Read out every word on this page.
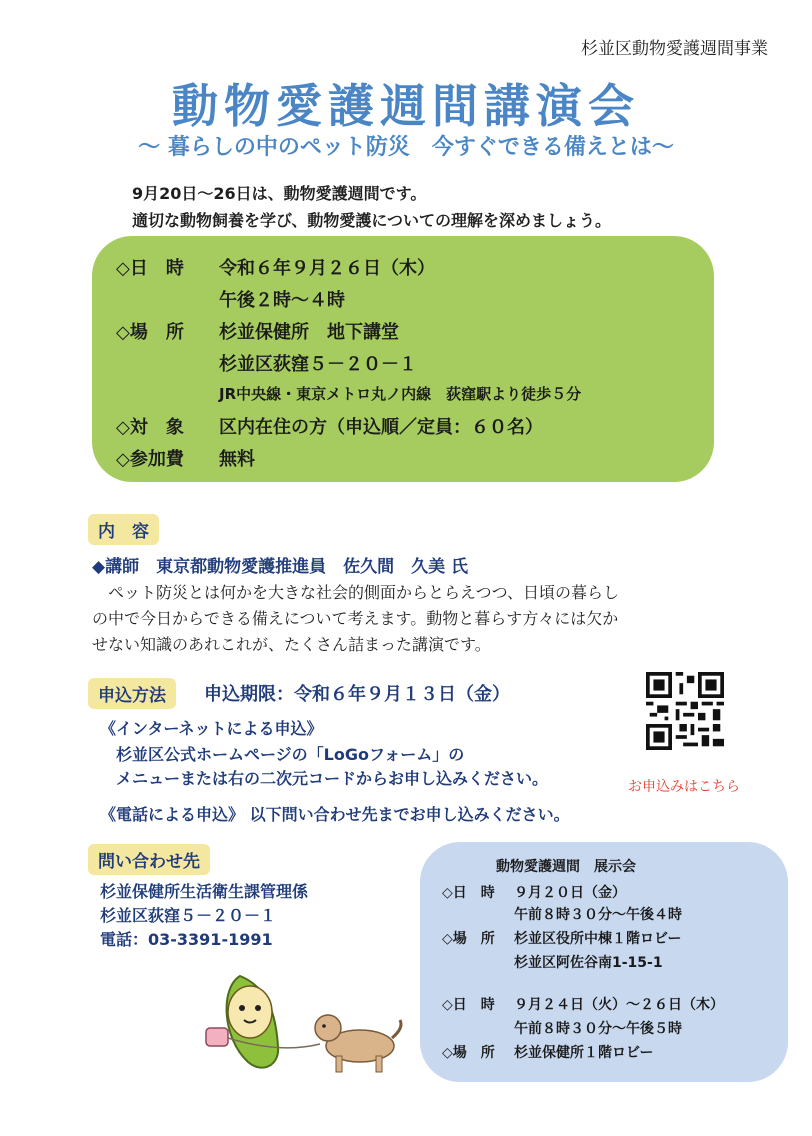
杉並区動物愛護週間事業
動物愛護週間講演会
〜 暮らしの中のペット防災　今すぐできる備えとは〜
9月20日〜26日は、動物愛護週間です。
適切な動物飼養を学び、動物愛護についての理解を深めましょう。
◇日　時 令和６年９月２６日（木）
午後２時〜４時
◇場　所 杉並保健所　地下講堂
杉並区荻窪５－２０－１
JR中央線・東京メトロ丸ノ内線　荻窪駅より徒歩５分
◇対　象 区内在住の方（申込順／定員：６０名）
◇参加費 無料
内　容
◆講師　東京都動物愛護推進員　佐久間　久美 氏
　ペット防災とは何かを大きな社会的側面からとらえつつ、日頃の暮らし
の中で今日からできる備えについて考えます。動物と暮らす方々には欠か
せない知識のあれこれが、たくさん詰まった講演です。
申込方法	申込期限：令和６年９月１３日（金）
《インターネットによる申込》
杉並区公式ホームページの「LoGoフォーム」の
メニューまたは右の二次元コードからお申し込みください。
《電話による申込》 以下問い合わせ先までお申し込みください。
お申込みはこちら
問い合わせ先
杉並保健所生活衛生課管理係
杉並区荻窪５－２０－１
電話：03-3391-1991
動物愛護週間　展示会
◇日　時 ９月２０日（金）
午前８時３０分〜午後４時
◇場　所 杉並区役所中棟１階ロビー
杉並区阿佐谷南1-15-1
◇日　時 ９月２４日（火）〜２６日（木）
午前８時３０分〜午後５時
◇場　所 杉並保健所１階ロビー
